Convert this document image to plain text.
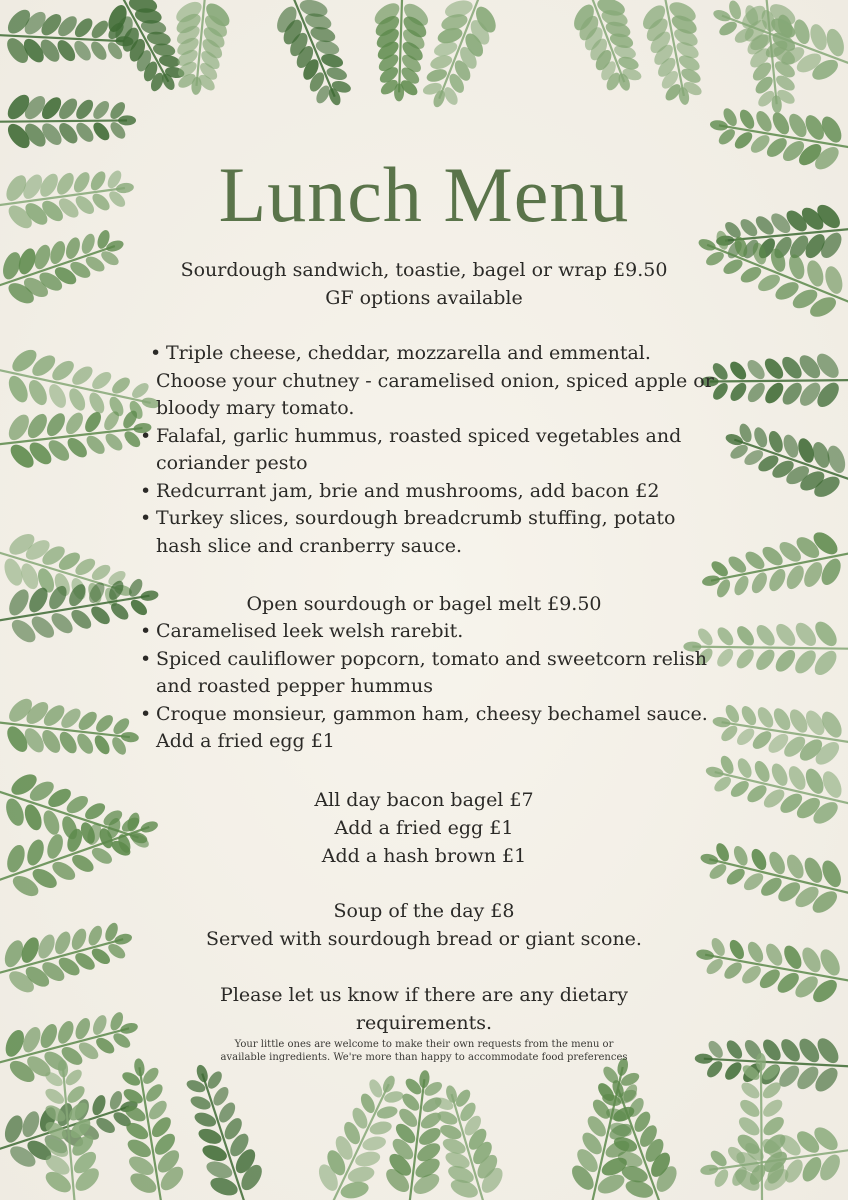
Lunch Menu
Sourdough sandwich, toastie, bagel or wrap £9.50
GF options available
• Triple cheese, cheddar, mozzarella and emmental. Choose your chutney - caramelised onion, spiced apple or bloody mary tomato.
• Falafal, garlic hummus, roasted spiced vegetables and coriander pesto
• Redcurrant jam, brie and mushrooms, add bacon £2
• Turkey slices, sourdough breadcrumb stuffing, potato hash slice and cranberry sauce.
Open sourdough or bagel melt £9.50
• Caramelised leek welsh rarebit.
• Spiced cauliflower popcorn, tomato and sweetcorn relish and roasted pepper hummus
• Croque monsieur, gammon ham, cheesy bechamel sauce. Add a fried egg £1
All day bacon bagel £7
Add a fried egg £1
Add a hash brown £1
Soup of the day £8
Served with sourdough bread or giant scone.
Please let us know if there are any dietary
requirements.
Your little ones are welcome to make their own requests from the menu or
available ingredients. We're more than happy to accommodate food preferences
